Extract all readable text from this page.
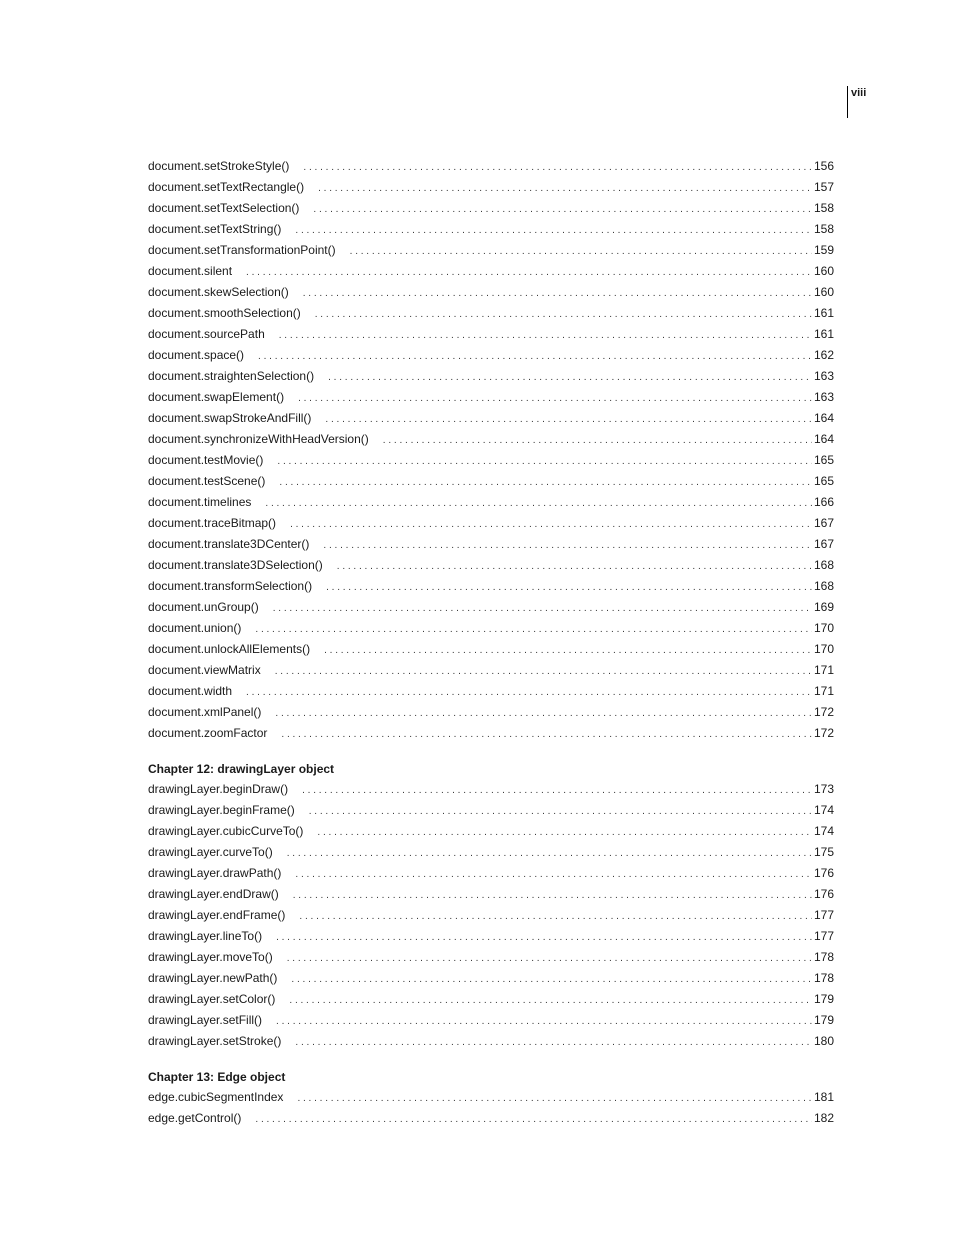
viii
document.setStrokeStyle() . . .	156
document.setTextRectangle() . . .	157
document.setTextSelection() . . .	158
document.setTextString() . . .	158
document.setTransformationPoint() . . .	159
document.silent . . .	160
document.skewSelection() . . .	160
document.smoothSelection() . . .	161
document.sourcePath . . .	161
document.space() . . .	162
document.straightenSelection() . . .	163
document.swapElement() . . .	163
document.swapStrokeAndFill() . . .	164
document.synchronizeWithHeadVersion() . . .	164
document.testMovie() . . .	165
document.testScene() . . .	165
document.timelines . . .	166
document.traceBitmap() . . .	167
document.translate3DCenter() . . .	167
document.translate3DSelection() . . .	168
document.transformSelection() . . .	168
document.unGroup() . . .	169
document.union() . . .	170
document.unlockAllElements() . . .	170
document.viewMatrix . . .	171
document.width . . .	171
document.xmlPanel() . . .	172
document.zoomFactor . . .	172
Chapter 12: drawingLayer object
drawingLayer.beginDraw() . . .	173
drawingLayer.beginFrame() . . .	174
drawingLayer.cubicCurveTo() . . .	174
drawingLayer.curveTo() . . .	175
drawingLayer.drawPath() . . .	176
drawingLayer.endDraw() . . .	176
drawingLayer.endFrame() . . .	177
drawingLayer.lineTo() . . .	177
drawingLayer.moveTo() . . .	178
drawingLayer.newPath() . . .	178
drawingLayer.setColor() . . .	179
drawingLayer.setFill() . . .	179
drawingLayer.setStroke() . . .	180
Chapter 13: Edge object
edge.cubicSegmentIndex . . .	181
edge.getControl() . . .	182
